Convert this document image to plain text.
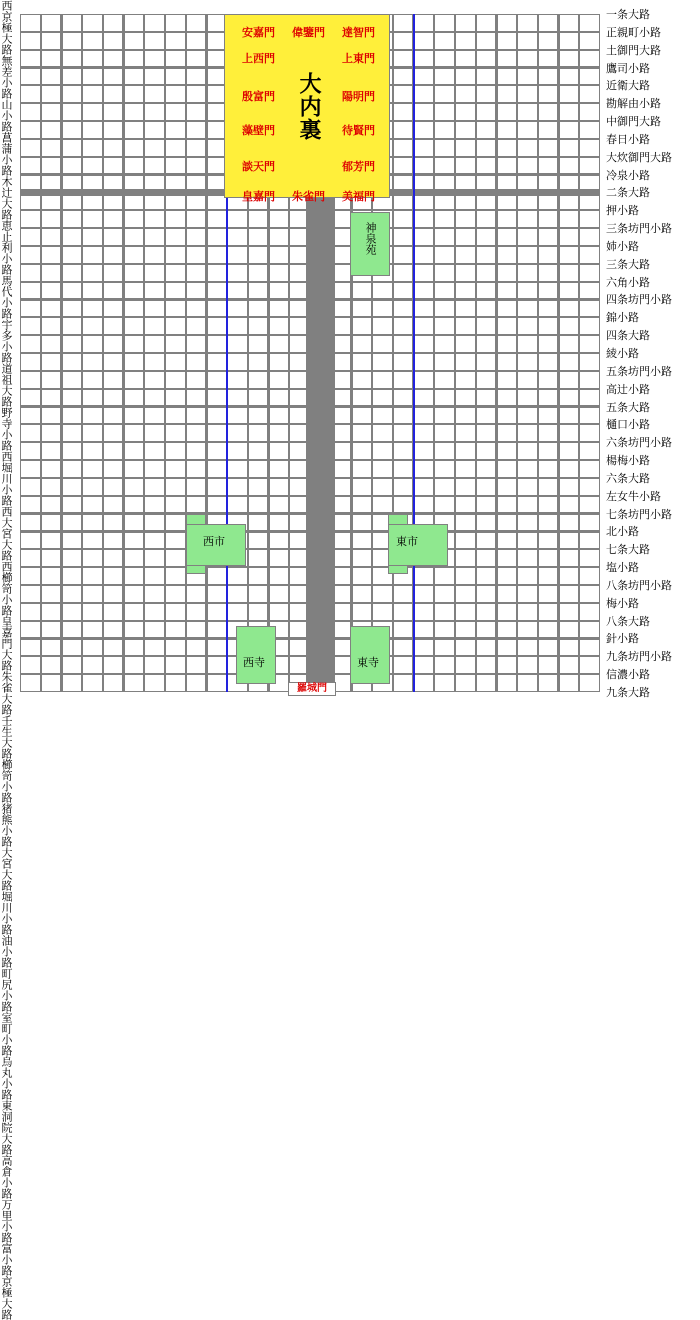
大内裏
安嘉門 偉鑒門 達智門
上西門	上東門
殷富門	陽明門
藻壁門	待賢門
談天門	郁芳門
皇嘉門 朱雀門 美福門
神泉苑
西市	東市
西寺	東寺
羅城門
一条大路
正親町小路
土御門大路
鷹司小路
近衛大路
勘解由小路
中御門大路
春日小路
大炊御門大路
冷泉小路
二条大路
押小路
三条坊門小路
姉小路
三条大路
六角小路
四条坊門小路
錦小路
四条大路
綾小路
五条坊門小路
高辻小路
五条大路
樋口小路
六条坊門小路
楊梅小路
六条大路
左女牛小路
七条坊門小路
北小路
七条大路
塩小路
八条坊門小路
梅小路
八条大路
針小路
九条坊門小路
信濃小路
九条大路
西京極大路
無差小路
山小路
菖蒲小路
木辻大路
恵止利小路
馬代小路
宇多小路
道祖大路
野寺小路
西堀川小路
西大宮大路
西櫛笥小路
皇嘉門大路
朱雀大路
壬生大路
櫛笥小路
猪熊小路
大宮大路
堀川小路
油小路
町尻小路
室町小路
烏丸小路
東洞院大路
高倉小路
万里小路
富小路
京極大路
